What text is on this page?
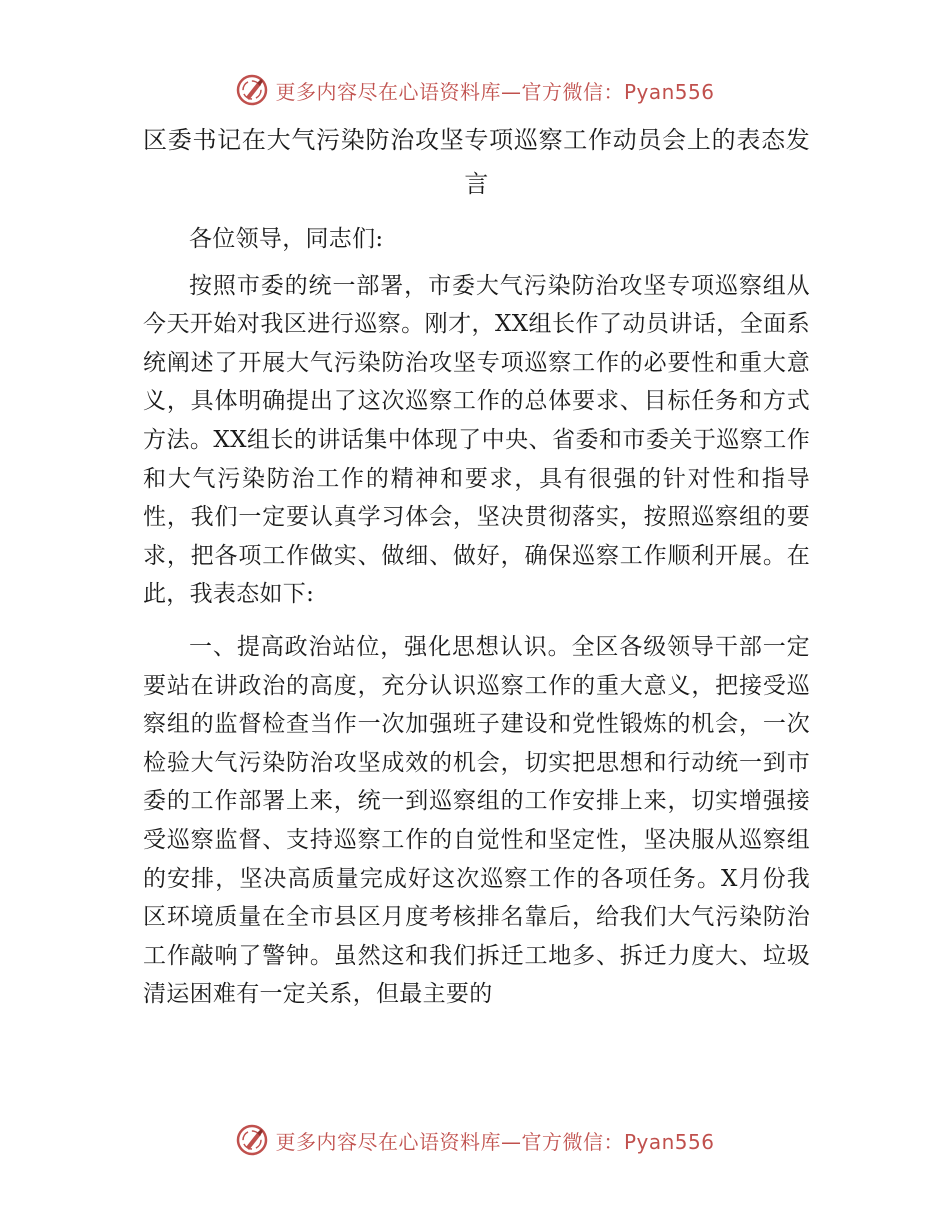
更多内容尽在心语资料库—官方微信：Pyan556

区委书记在大气污染防治攻坚专项巡察工作动员会上的表态发言

各位领导，同志们:

按照市委的统一部署，市委大气污染防治攻坚专项巡察组从今天开始对我区进行巡察。刚才，XX组长作了动员讲话，全面系统阐述了开展大气污染防治攻坚专项巡察工作的必要性和重大意义，具体明确提出了这次巡察工作的总体要求、目标任务和方式方法。XX组长的讲话集中体现了中央、省委和市委关于巡察工作和大气污染防治工作的精神和要求，具有很强的针对性和指导性，我们一定要认真学习体会，坚决贯彻落实，按照巡察组的要求，把各项工作做实、做细、做好，确保巡察工作顺利开展。在此，我表态如下:

一、提高政治站位，强化思想认识。全区各级领导干部一定要站在讲政治的高度，充分认识巡察工作的重大意义，把接受巡察组的监督检查当作一次加强班子建设和党性锻炼的机会，一次检验大气污染防治攻坚成效的机会，切实把思想和行动统一到市委的工作部署上来，统一到巡察组的工作安排上来，切实增强接受巡察监督、支持巡察工作的自觉性和坚定性，坚决服从巡察组的安排，坚决高质量完成好这次巡察工作的各项任务。X月份我区环境质量在全市县区月度考核排名靠后，给我们大气污染防治工作敲响了警钟。虽然这和我们拆迁工地多、拆迁力度大、垃圾清运困难有一定关系，但最主要的

更多内容尽在心语资料库—官方微信：Pyan556
